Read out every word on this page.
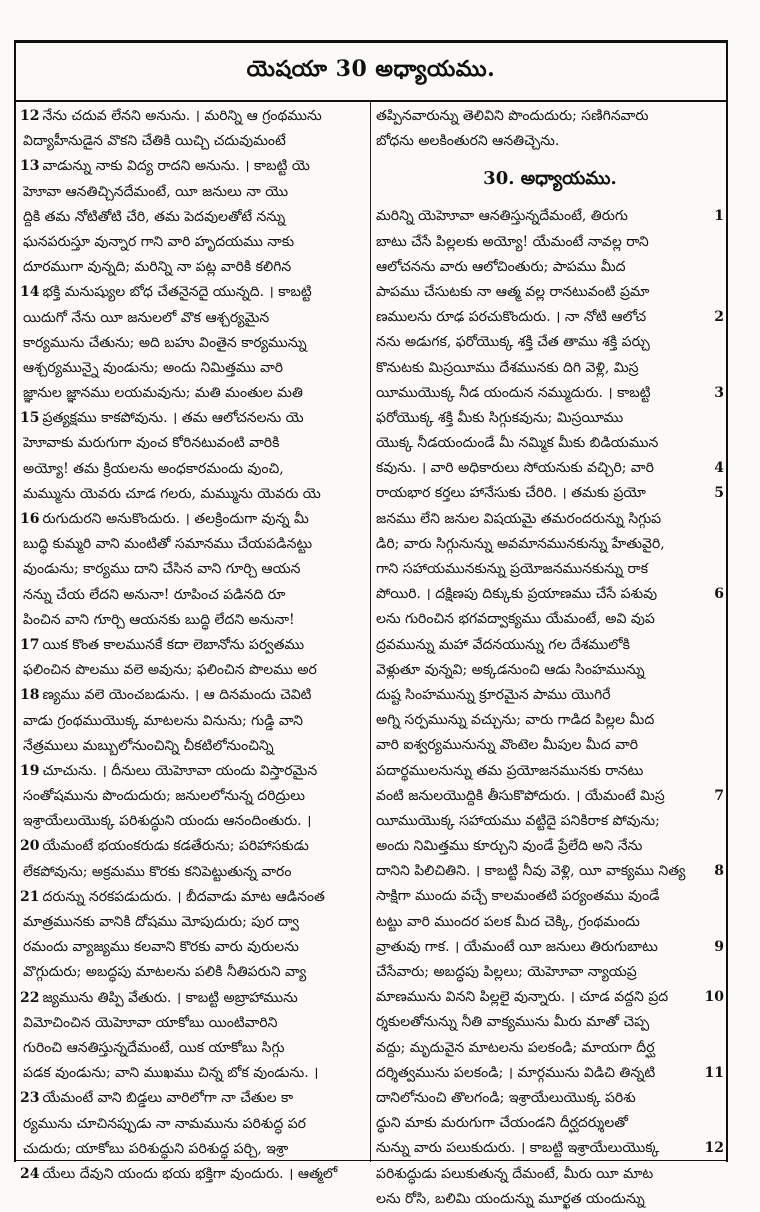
యెషయా 30 అధ్యాయము.
12 నేను చదువ లేనని అనును. । మరిన్ని ఆ గ్రంథమును
విద్యాహీనుడైన వొకని చేతికి యిచ్చి చదువుమంటే
13 వాడున్ను నాకు విద్య రాదని అనును. । కాబట్టి యె
హెూవా ఆనతిచ్చినదేమంటే, యీ జనులు నా యొ
ద్దికి తమ నోటితోటి చేరి, తమ పెదవులతోటే నన్ను
ఘనపరుస్తూ వున్నార గాని వారి హృదయము నాకు
దూరముగా వున్నది; మరిన్ని నా పట్ల వారికి కలిగిన
14 భక్తి మనుష్యుల బోధ చేతనైనదై యున్నది. । కాబట్టి
యిదుగో నేను యీ జనులలో వొక ఆశ్చర్యమైన
కార్యమును చేతును; అది బహు వింతైన కార్యమున్ను
ఆశ్చర్యమున్నై వుండును; అందు నిమిత్తము వారి
జ్ఞానుల జ్ఞానము లయమవును; మతి మంతుల మతి
15 ప్రత్యక్షము కాకపోవును. । తమ ఆలోచనలను యె
హెూవాకు మరుగుగా వుంచ కోరినటువంటి వారికి
అయ్యో! తమ క్రియలను అంధకారమందు వుంచి,
మమ్మును యెవరు చూడ గలరు, మమ్మును యెవరు యె
16 రుగుదురని అనుకొందురు. । తలక్రిందుగా వున్న మీ
బుద్ధి కుమ్మరి వాని మంటితో సమానము చేయపడినట్టు
వుండును; కార్యము దాని చేసిన వాని గూర్చి ఆయన
నన్ను చేయ లేదని అనునా! రూపించ పడినది రూ
పించిన వాని గూర్చి ఆయనకు బుద్ధి లేదని అనునా!
17 యిక కొంత కాలమునకే కదా లెబానోను పర్వతము
ఫలించిన పొలము వలె అవును; ఫలించిన పొలము అర
18 ణ్యము వలె యెంచబడును. । ఆ దినమందు చెవిటి
వాడు గ్రంథముయొక్క మాటలను వినును; గుడ్డి వాని
నేత్రములు మబ్బులోనుంచిన్ని చీకటిలోనుంచిన్ని
19 చూచును. । దీనులు యెహెూవా యందు విస్తారమైన
సంతోషమును పొందుదురు; జనులలోనున్న దరిద్రులు
ఇశ్రాయేలుయొక్క పరిశుద్ధుని యందు ఆనందింతురు. ।
20 యేమంటే భయంకరుడు కడతేరును; పరిహాసకుడు
లేకపోవును; అక్రమము కొరకు కనిపెట్టుతున్న వారం
21 దరున్ను నరకపడుదురు. । బీదవాడు మాట ఆడినంత
మాత్రమునకు వానికి దోషము మోపుదురు; పుర ద్వా
రమందు వ్యాజ్యము కలవాని కొరకు వారు వురులను
వొగ్గుదురు; అబద్ధపు మాటలను పలికి నీతిపరుని వ్యా
22 జ్యమును తిప్పి వేతురు. । కాబట్టి అబ్రాహామును
విమోచించిన యెహెూవా యాకోబు యింటివారిని
గురించి ఆనతిస్తున్నదేమంటే, యిక యాకోబు సిగ్గు
పడక వుండును; వాని ముఖము చిన్న బోక వుండును. ।
23 యేమంటే వాని బిడ్డలు వారిలోగా నా చేతుల కా
ర్యమును చూచినప్పుడు నా నామమును పరిశుద్ధ పర
చుదురు; యాకోబు పరిశుద్ధుని పరిశుద్ధ పర్చి, ఇశ్రా
24 యేలు దేవుని యందు భయ భక్తిగా వుందురు. । ఆత్మలో
తప్పినవారున్ను తెలివిని పొందుదురు; సణిగినవారు
బోధను అలకింతురని ఆనతిచ్చెను.
30. అధ్యాయము.
మరిన్ని యెహెూవా ఆనతిస్తున్నదేమంటే, తిరుగు	1
బాటు చేసే పిల్లలకు అయ్యో! యేమంటే నావల్ల రాని
ఆలోచనను వారు ఆలోచింతురు; పాపము మీద
పాపము చేసుటకు నా ఆత్మ వల్ల రానటువంటి ప్రమా
ణములను రూఢ పరచుకొందురు. । నా నోటి ఆలోచ	2
నను అడుగక, ఫరోయొక్క శక్తి చేత తాము శక్తి పర్చు
కొనుటకు మిస్రయీము దేశమునకు దిగి వెళ్లి, మిస్ర
యీముయొక్క నీడ యందున నమ్ముదురు. । కాబట్టి	3
ఫరోయొక్క శక్తి మీకు సిగ్గుకవును; మిస్రయీము
యొక్క నీడయందుండే మీ నమ్మిక మీకు బిడియమున
కవును. । వారి అధికారులు సోయనుకు వచ్చిరి; వారి	4
రాయభార కర్తలు హానేసుకు చేరిరి. । తమకు ప్రయో	5
జనము లేని జనుల విషయమై తమరందరున్ను సిగ్గుప
డిరి; వారు సిగ్గునున్ను అవమానమునకున్ను హేతువైరి,
గాని సహాయమునకున్ను ప్రయోజనమునకున్ను రాక
పోయిరి. । దక్షిణపు దిక్కుకు ప్రయాణము చేసే పశువు	6
లను గురించిన భగవద్వాక్యము యేమంటే, అవి వుప
ద్రవమున్ను మహా వేదనయున్ను గల దేశములోకి
వెళ్లుతూ వున్నవి; అక్కడనుంచి ఆడు సింహమున్ను
దుష్ట సింహమున్ను క్రూరమైన పాము యొగిరే
అగ్ని సర్పమున్ను వచ్చును; వారు గాడిద పిల్లల మీద
వారి ఐశ్వర్యమునున్ను వొంటెల మీపుల మీద వారి
పదార్థములనున్ను తమ ప్రయోజనమునకు రానటు
వంటి జనులయొద్దికి తీసుకొపోదురు. । యేమంటే మిస్ర	7
యీముయొక్క సహాయము వట్టిదై పనికిరాక పోవును;
అందు నిమిత్తము కూర్చుని వుండే ప్రేలేది అని నేను
దానిని పిలిచితిని. । కాబట్టి నీవు వెళ్లి, యీ వాక్యము నిత్య	8
సాక్షిగా ముందు వచ్చే కాలమంతటి పర్యంతము వుండే
టట్టు వారి ముందర పలక మీద చెక్కి, గ్రంథమందు
వ్రాతువు గాక. । యేమంటే యీ జనులు తిరుగుబాటు	9
చేసేవారు; అబద్ధపు పిల్లలు; యెహెూవా న్యాయప్ర
మాణమును వినని పిల్లలై వున్నారు. । చూడ వద్దని ప్రద	10
ర్శకులతోనున్ను నీతి వాక్యమును మీరు మాతో చెప్ప
వద్దు; మృదువైన మాటలను పలకండి; మాయగా దీర్ఘ
దర్శిత్వమును పలకండి; । మార్గమును విడిచి తిన్నటి	11
దానిలోనుంచి తొలగండి; ఇశ్రాయేలుయొక్క పరిశు
ద్ధుని మాకు మరుగుగా చేయండని దీర్ఘదర్శులతో
నున్ను వారు పలుకుదురు. । కాబట్టి ఇశ్రాయేలుయొక్క	12
పరిశుద్ధుడు పలుకుతున్న దేమంటే, మీరు యీ మాట
లను రోసి, బలిమి యందున్ను మూర్ఖత యందున్ను
